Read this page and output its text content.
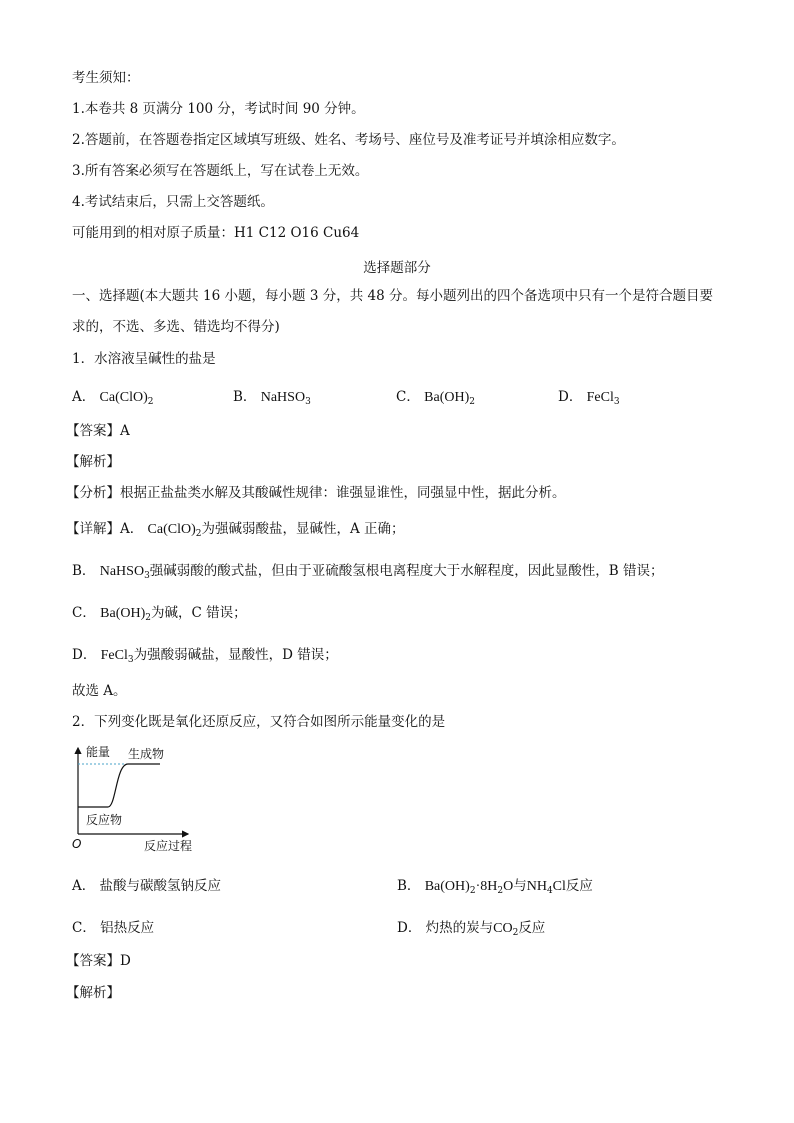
考生须知：
1.本卷共 8 页满分 100 分，考试时间 90 分钟。
2.答题前，在答题卷指定区域填写班级、姓名、考场号、座位号及准考证号并填涂相应数字。
3.所有答案必须写在答题纸上，写在试卷上无效。
4.考试结束后，只需上交答题纸。
可能用到的相对原子质量：H1 C12 O16 Cu64
选择题部分
一、选择题(本大题共 16 小题，每小题 3 分，共 48 分。每小题列出的四个备选项中只有一个是符合题目要
求的，不选、多选、错选均不得分)
1．水溶液呈碱性的盐是
A． $Ca(ClO)_2$	B． NaHSO$_3$	C． $Ba(OH)_2$	D． FeCl$_3$
【答案】A
【解析】
【分析】根据正盐盐类水解及其酸碱性规律：谁强显谁性，同强显中性，据此分析。
【详解】A． $Ca(ClO)_2$为强碱弱酸盐，显碱性，A 正确；
B． NaHSO$_3$强碱弱酸的酸式盐，但由于亚硫酸氢根电离程度大于水解程度，因此显酸性，B 错误；
C． $Ba(OH)_2$为碱，C 错误；
D． FeCl$_3$为强酸弱碱盐，显酸性，D 错误；
故选 A。
2．下列变化既是氧化还原反应，又符合如图所示能量变化的是
能量 生成物
反应物
O	反应过程
A． 盐酸与碳酸氢钠反应	B． $Ba(OH)_2\cdot 8H_2O$与$NH_4Cl$反应
C． 铝热反应	D． 灼热的炭与$CO_2$反应
【答案】D
【解析】
